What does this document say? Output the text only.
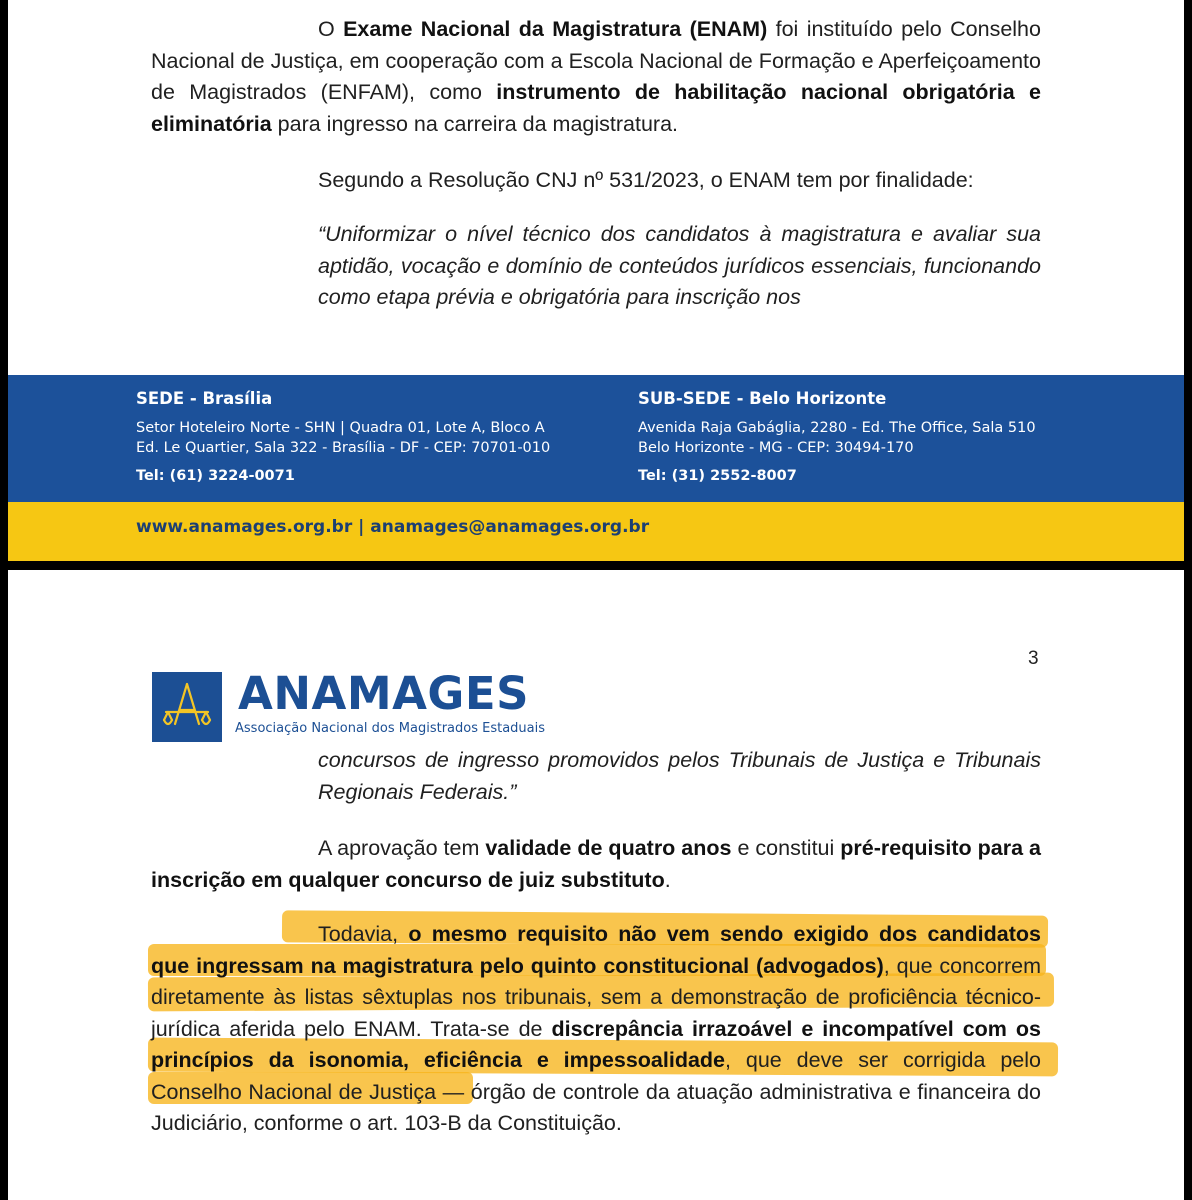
O Exame Nacional da Magistratura (ENAM) foi instituído pelo Conselho Nacional de Justiça, em cooperação com a Escola Nacional de Formação e Aperfeiçoamento de Magistrados (ENFAM), como instrumento de habilitação nacional obrigatória e eliminatória para ingresso na carreira da magistratura.

Segundo a Resolução CNJ nº 531/2023, o ENAM tem por finalidade:

“Uniformizar o nível técnico dos candidatos à magistratura e avaliar sua aptidão, vocação e domínio de conteúdos jurídicos essenciais, funcionando como etapa prévia e obrigatória para inscrição nos

SEDE - Brasília

Setor Hoteleiro Norte - SHN | Quadra 01, Lote A, Bloco A

Ed. Le Quartier, Sala 322 - Brasília - DF - CEP: 70701-010

Tel: (61) 3224-0071

SUB-SEDE - Belo Horizonte

Avenida Raja Gabáglia, 2280 - Ed. The Office, Sala 510

Belo Horizonte - MG - CEP: 30494-170

Tel: (31) 2552-8007

www.anamages.org.br | anamages@anamages.org.br

3
ANAMAGES
Associação Nacional dos Magistrados Estaduais

concursos de ingresso promovidos pelos Tribunais de Justiça e Tribunais Regionais Federais.”

A aprovação tem validade de quatro anos e constitui pré-requisito para a inscrição em qualquer concurso de juiz substituto.

Todavia, o mesmo requisito não vem sendo exigido dos candidatos que ingressam na magistratura pelo quinto constitucional (advogados), que concorrem diretamente às listas sêxtuplas nos tribunais, sem a demonstração de proficiência técnico-jurídica aferida pelo ENAM. Trata-se de discrepância irrazoável e incompatível com os princípios da isonomia, eficiência e impessoalidade, que deve ser corrigida pelo Conselho Nacional de Justiça — órgão de controle da atuação administrativa e financeira do Judiciário, conforme o art. 103-B da Constituição.
